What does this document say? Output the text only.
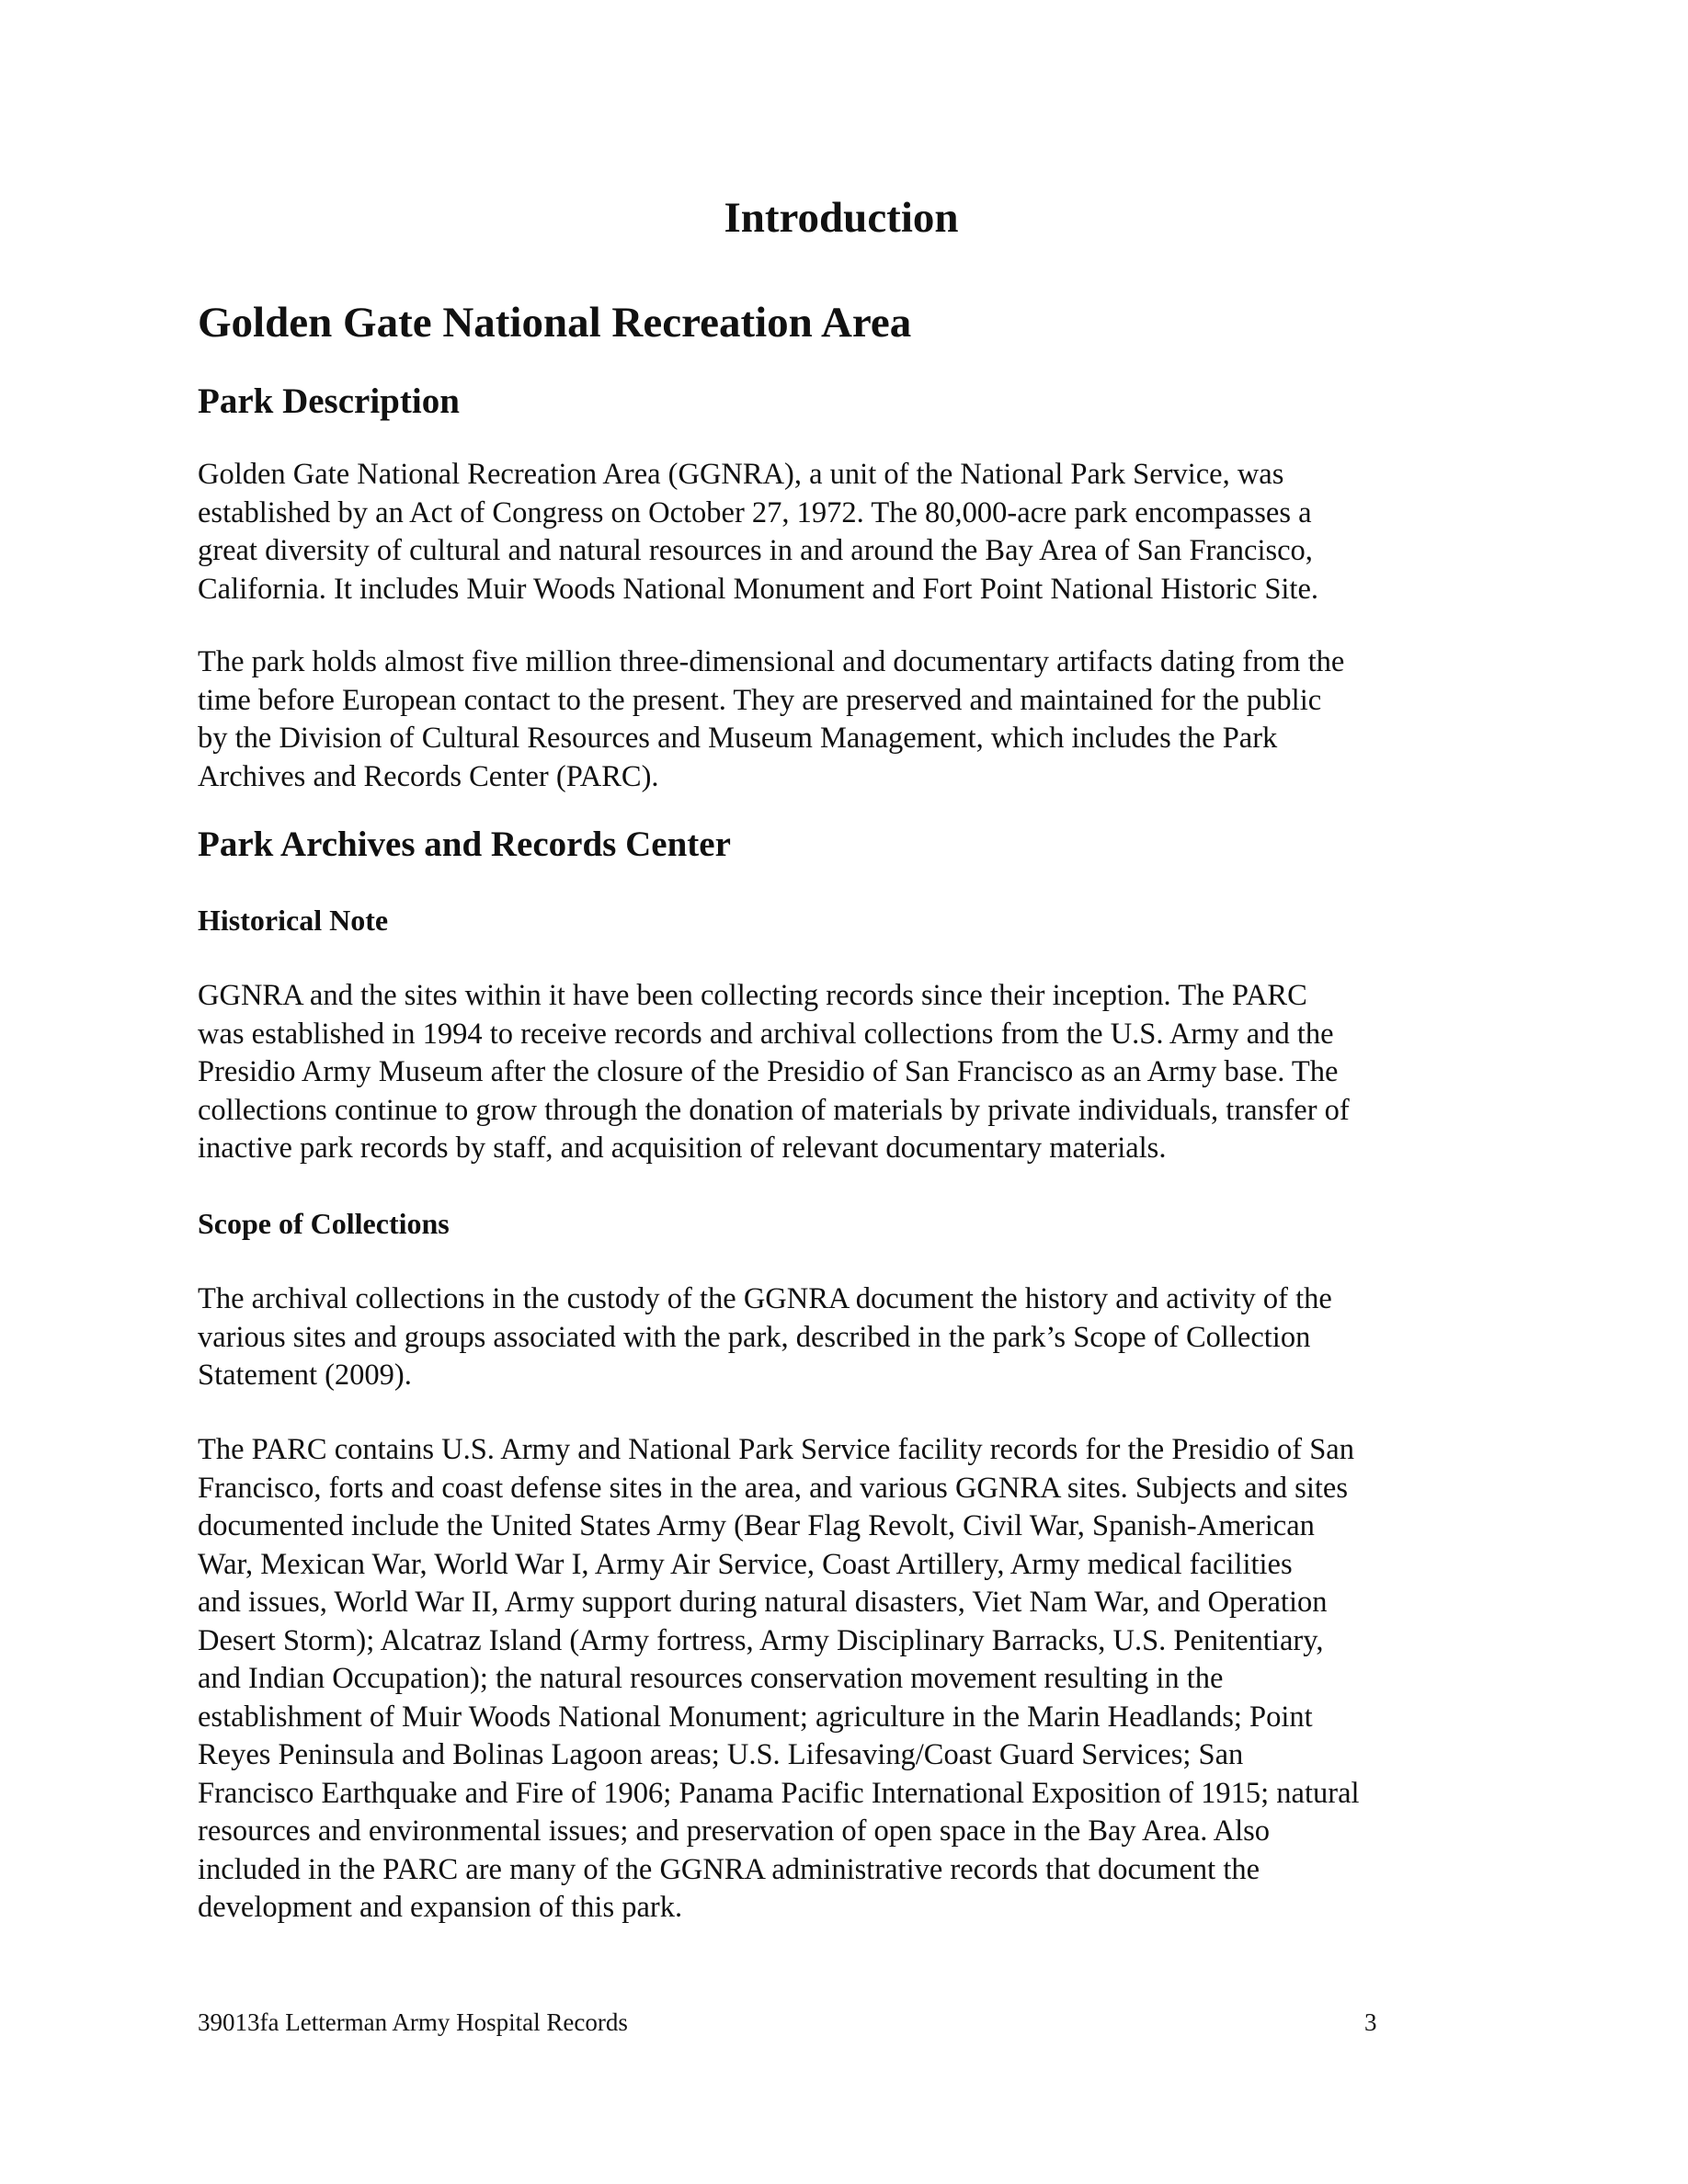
Introduction
Golden Gate National Recreation Area
Park Description

Golden Gate National Recreation Area (GGNRA), a unit of the National Park Service, was
established by an Act of Congress on October 27, 1972. The 80,000-acre park encompasses a
great diversity of cultural and natural resources in and around the Bay Area of San Francisco,
California. It includes Muir Woods National Monument and Fort Point National Historic Site.

The park holds almost five million three-dimensional and documentary artifacts dating from the
time before European contact to the present. They are preserved and maintained for the public
by the Division of Cultural Resources and Museum Management, which includes the Park
Archives and Records Center (PARC).

Park Archives and Records Center
Historical Note

GGNRA and the sites within it have been collecting records since their inception. The PARC
was established in 1994 to receive records and archival collections from the U.S. Army and the
Presidio Army Museum after the closure of the Presidio of San Francisco as an Army base. The
collections continue to grow through the donation of materials by private individuals, transfer of
inactive park records by staff, and acquisition of relevant documentary materials.

Scope of Collections

The archival collections in the custody of the GGNRA document the history and activity of the
various sites and groups associated with the park, described in the park’s Scope of Collection
Statement (2009).

The PARC contains U.S. Army and National Park Service facility records for the Presidio of San
Francisco, forts and coast defense sites in the area, and various GGNRA sites. Subjects and sites
documented include the United States Army (Bear Flag Revolt, Civil War, Spanish-American
War, Mexican War, World War I, Army Air Service, Coast Artillery, Army medical facilities
and issues, World War II, Army support during natural disasters, Viet Nam War, and Operation
Desert Storm); Alcatraz Island (Army fortress, Army Disciplinary Barracks, U.S. Penitentiary,
and Indian Occupation); the natural resources conservation movement resulting in the
establishment of Muir Woods National Monument; agriculture in the Marin Headlands; Point
Reyes Peninsula and Bolinas Lagoon areas; U.S. Lifesaving/Coast Guard Services; San
Francisco Earthquake and Fire of 1906; Panama Pacific International Exposition of 1915; natural
resources and environmental issues; and preservation of open space in the Bay Area. Also
included in the PARC are many of the GGNRA administrative records that document the
development and expansion of this park.

39013fa Letterman Army Hospital Records	3
